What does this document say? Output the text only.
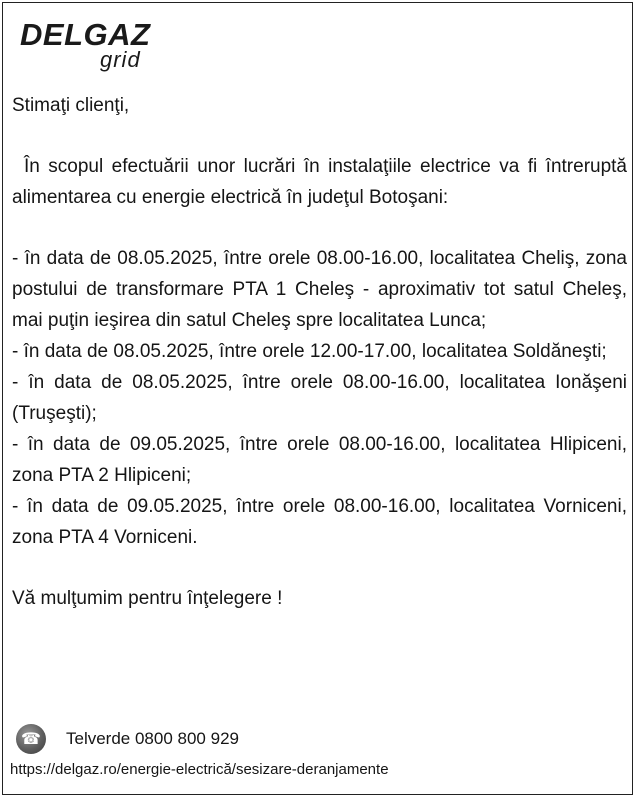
DELGAZ
grid

Stimaţi clienţi,

În scopul efectuării unor lucrări în instalaţiile electrice va fi întreruptă alimentarea cu energie electrică în judeţul Botoşani:

- în data de 08.05.2025, între orele 08.00-16.00, localitatea Cheliş, zona postului de transformare PTA 1 Cheleş - aproximativ tot satul Cheleş, mai puţin ieşirea din satul Cheleş spre localitatea Lunca;

- în data de 08.05.2025, între orele 12.00-17.00, localitatea Soldăneşti;

- în data de 08.05.2025, între orele 08.00-16.00, localitatea Ionăşeni (Truşeşti);

- în data de 09.05.2025, între orele 08.00-16.00, localitatea Hlipiceni, zona PTA 2 Hlipiceni;

- în data de 09.05.2025, între orele 08.00-16.00, localitatea Vorniceni, zona PTA 4 Vorniceni.

Vă mulţumim pentru înţelegere !

☎ Telverde 0800 800 929
https://delgaz.ro/energie-electrică/sesizare-deranjamente
